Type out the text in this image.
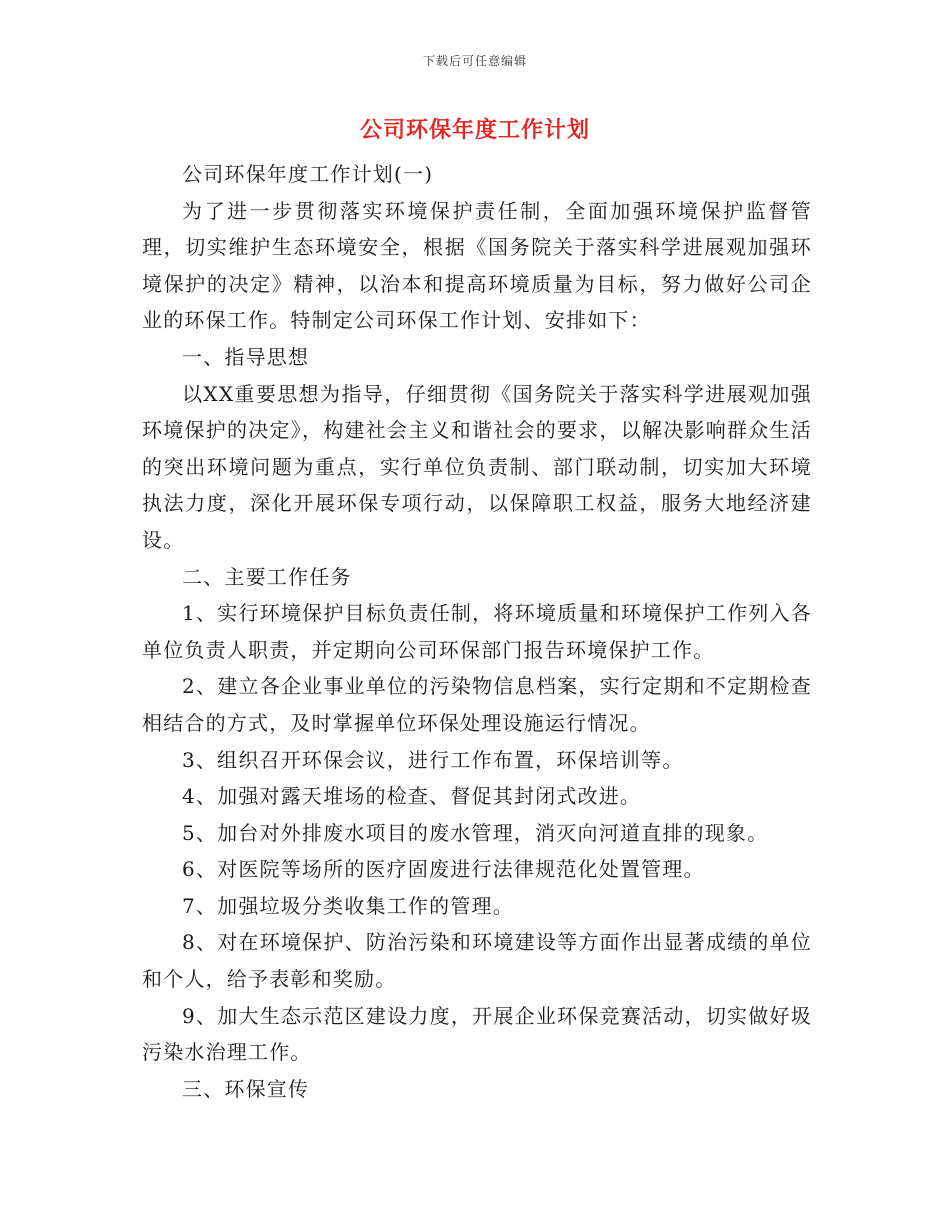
下载后可任意编辑
公司环保年度工作计划

公司环保年度工作计划(一)

为了进一步贯彻落实环境保护责任制，全面加强环境保护监督管理，切实维护生态环境安全，根据《国务院关于落实科学进展观加强环境保护的决定》精神，以治本和提高环境质量为目标，努力做好公司企业的环保工作。特制定公司环保工作计划、安排如下：

一、指导思想

以XX重要思想为指导，仔细贯彻《国务院关于落实科学进展观加强环境保护的决定》，构建社会主义和谐社会的要求，以解决影响群众生活的突出环境问题为重点，实行单位负责制、部门联动制，切实加大环境执法力度，深化开展环保专项行动，以保障职工权益，服务大地经济建设。

二、主要工作任务

1、实行环境保护目标负责任制，将环境质量和环境保护工作列入各单位负责人职责，并定期向公司环保部门报告环境保护工作。

2、建立各企业事业单位的污染物信息档案，实行定期和不定期检查相结合的方式，及时掌握单位环保处理设施运行情况。

3、组织召开环保会议，进行工作布置，环保培训等。

4、加强对露天堆场的检查、督促其封闭式改进。

5、加台对外排废水项目的废水管理，消灭向河道直排的现象。

6、对医院等场所的医疗固废进行法律规范化处置管理。

7、加强垃圾分类收集工作的管理。

8、对在环境保护、防治污染和环境建设等方面作出显著成绩的单位和个人，给予表彰和奖励。

9、加大生态示范区建设力度，开展企业环保竞赛活动，切实做好圾污染水治理工作。

三、环保宣传
